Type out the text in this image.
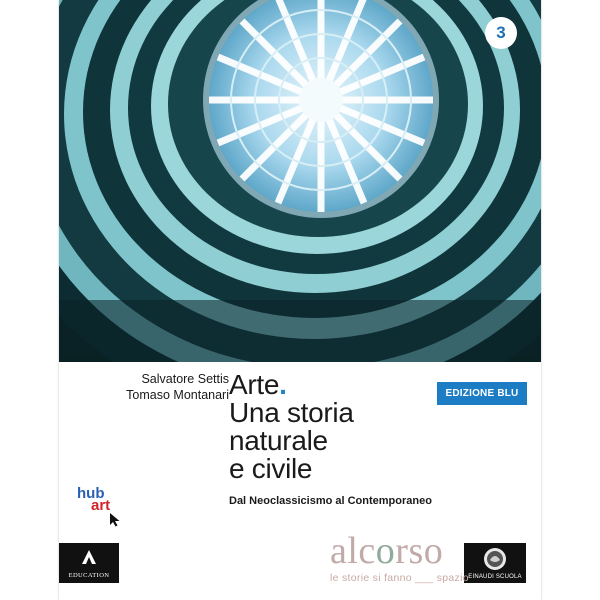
3
Salvatore Settis
Tomaso Montanari Arte.
Una storia
naturale
e civile
Dal Neoclassicismo al Contemporaneo
EDIZIONE BLU
hub
art
EDUCATION	EINAUDI SCUOLA
alcorso
le storie si fanno ___ spazio
